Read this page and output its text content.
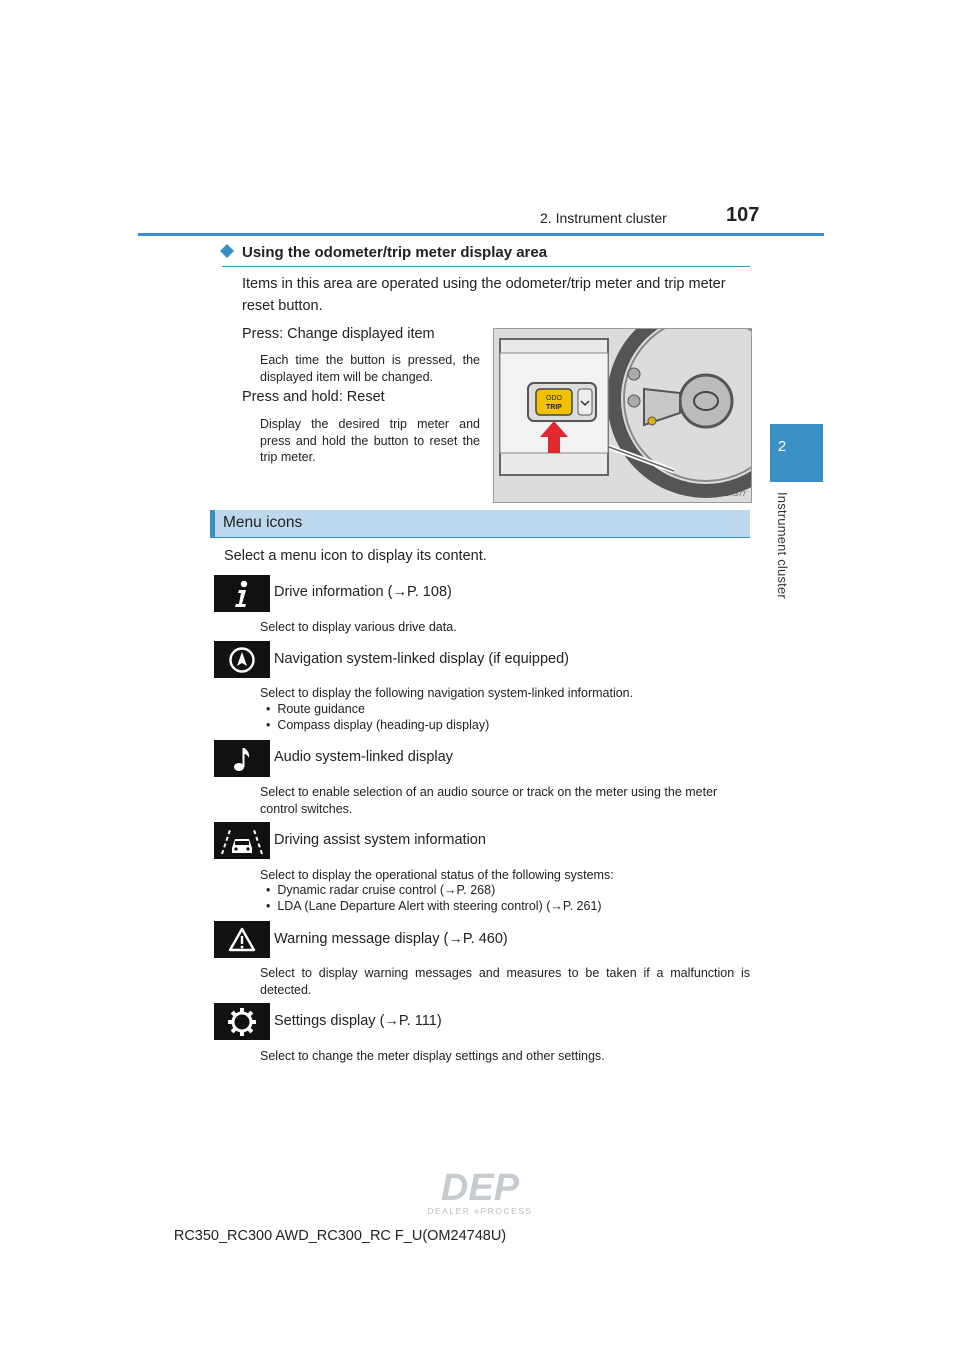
2. Instrument cluster	107
2
Instrument cluster
Using the odometer/trip meter display area
Items in this area are operated using the odometer/trip meter and trip meter reset button.
Press: Change displayed item
Each time the button is pressed, the displayed item will be changed.
Press and hold: Reset
Display the desired trip meter and press and hold the button to reset the trip meter.
ODO
TRIP
CLY20BR377
Menu icons
Select a menu icon to display its content.
Drive information (→P. 108)
Select to display various drive data.
Navigation system-linked display (if equipped)
Select to display the following navigation system-linked information.
•  Route guidance
•  Compass display (heading-up display)
Audio system-linked display
Select to enable selection of an audio source or track on the meter using the meter control switches.
Driving assist system information
Select to display the operational status of the following systems:
•  Dynamic radar cruise control (→P. 268)
•  LDA (Lane Departure Alert with steering control) (→P. 261)
Warning message display (→P. 460)
Select to display warning messages and measures to be taken if a malfunction is detected.
Settings display (→P. 111)
Select to change the meter display settings and other settings.
DEP
DEALER ePROCESS
RC350_RC300 AWD_RC300_RC F_U(OM24748U)
